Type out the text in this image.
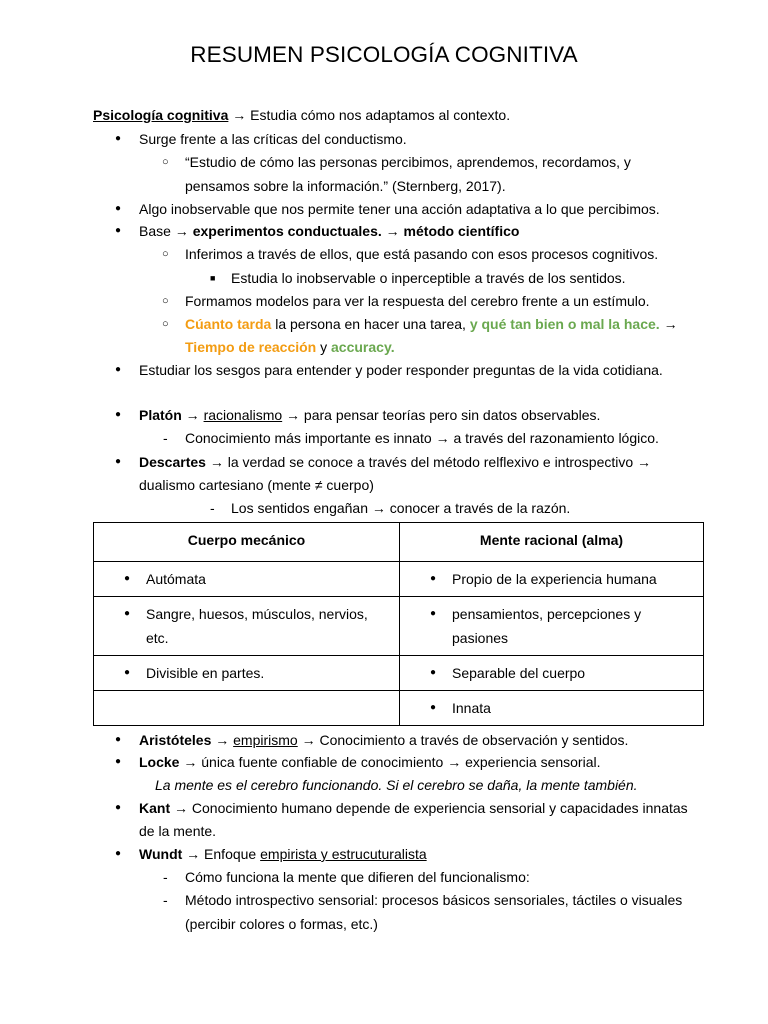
RESUMEN PSICOLOGÍA COGNITIVA
Psicología cognitiva → Estudia cómo nos adaptamos al contexto.
● Surge frente a las críticas del conductismo.
○ “Estudio de cómo las personas percibimos, aprendemos, recordamos, y
pensamos sobre la información.” (Sternberg, 2017).
● Algo inobservable que nos permite tener una acción adaptativa a lo que percibimos.
● Base → experimentos conductuales. → método científico
○ Inferimos a través de ellos, que está pasando con esos procesos cognitivos.
■ Estudia lo inobservable o inperceptible a través de los sentidos.
○ Formamos modelos para ver la respuesta del cerebro frente a un estímulo.
○ Cúanto tarda la persona en hacer una tarea, y qué tan bien o mal la hace. →
Tiempo de reacción y accuracy.
● Estudiar los sesgos para entender y poder responder preguntas de la vida cotidiana.
● Platón → racionalismo → para pensar teorías pero sin datos observables.
- Conocimiento más importante es innato → a través del razonamiento lógico.
● Descartes → la verdad se conoce a través del método relflexivo e introspectivo →
dualismo cartesiano (mente ≠ cuerpo)
- Los sentidos engañan → conocer a través de la razón.
Cuerpo mecánico	Mente racional (alma)

● Autómata	● Propio de la experiencia humana

● Sangre, huesos, músculos, nervios, etc.	● pensamientos, percepciones y pasiones

● Divisible en partes.	● Separable del cuerpo

	● Innata
● Aristóteles → empirismo → Conocimiento a través de observación y sentidos.
● Locke → única fuente confiable de conocimiento → experiencia sensorial.
La mente es el cerebro funcionando. Si el cerebro se daña, la mente también.
● Kant → Conocimiento humano depende de experiencia sensorial y capacidades innatas
de la mente.
● Wundt → Enfoque empirista y estrucuturalista
- Cómo funciona la mente que difieren del funcionalismo:
- Método introspectivo sensorial: procesos básicos sensoriales, táctiles o visuales
(percibir colores o formas, etc.)
